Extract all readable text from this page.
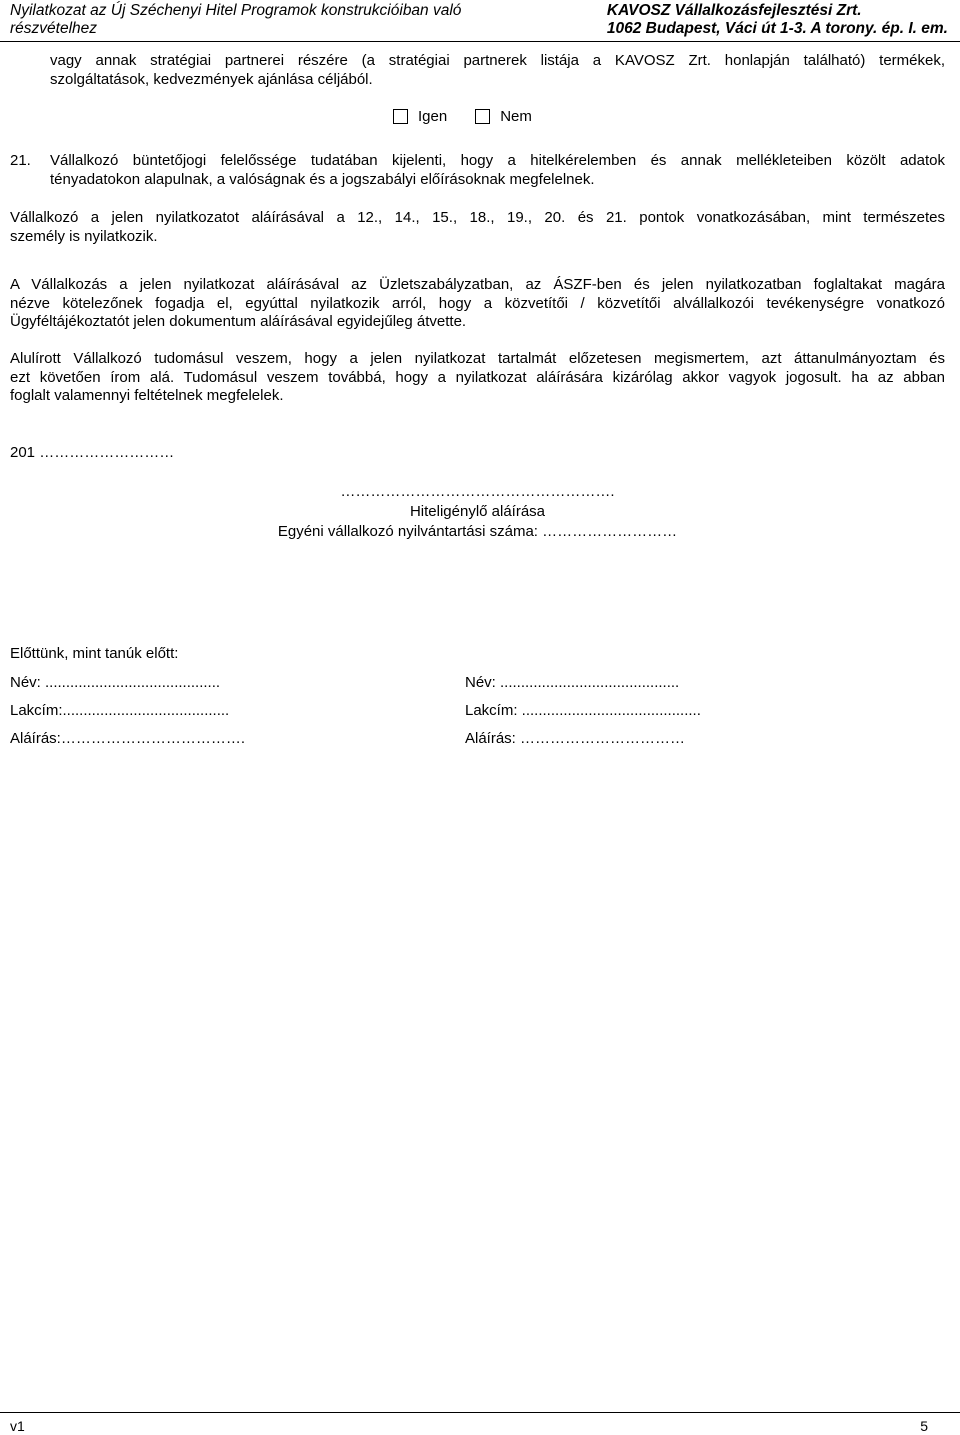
Nyilatkozat az Új Széchenyi Hitel Programok konstrukcióiban való
részvételhez
KAVOSZ Vállalkozásfejlesztési Zrt.
1062 Budapest, Váci út 1-3. A torony. ép. I. em.
vagy annak stratégiai partnerei részére (a stratégiai partnerek listája a KAVOSZ Zrt. honlapján található) termékek,
szolgáltatások, kedvezmények ajánlása céljából.
Igen	Nem
21. Vállalkozó büntetőjogi felelőssége tudatában kijelenti, hogy a hitelkérelemben és annak mellékleteiben közölt adatok
tényadatokon alapulnak, a valóságnak és a jogszabályi előírásoknak megfelelnek.
Vállalkozó a jelen nyilatkozatot aláírásával a 12., 14., 15., 18., 19., 20. és 21. pontok vonatkozásában, mint természetes
személy is nyilatkozik.
A Vállalkozás a jelen nyilatkozat aláírásával az Üzletszabályzatban, az ÁSZF-ben és jelen nyilatkozatban foglaltakat magára
nézve kötelezőnek fogadja el, egyúttal nyilatkozik arról, hogy a közvetítői / közvetítői alvállalkozói tevékenységre vonatkozó
Ügyféltájékoztatót jelen dokumentum aláírásával egyidejűleg átvette.
Alulírott Vállalkozó tudomásul veszem, hogy a jelen nyilatkozat tartalmát előzetesen megismertem, azt áttanulmányoztam és
ezt követően írom alá. Tudomásul veszem továbbá, hogy a nyilatkozat aláírására kizárólag akkor vagyok jogosult. ha az abban
foglalt valamennyi feltételnek megfelelek.
201 ………………………
……………………………………………….
Hiteligénylő aláírása
Egyéni vállalkozó nyilvántartási száma: ………………………
Előttünk, mint tanúk előtt:
Név: ..........................................
Lakcím:........................................
Aláírás:……………………………….
Név: ...........................................
Lakcím: ...........................................
Aláírás: ……………………………
v1	5
